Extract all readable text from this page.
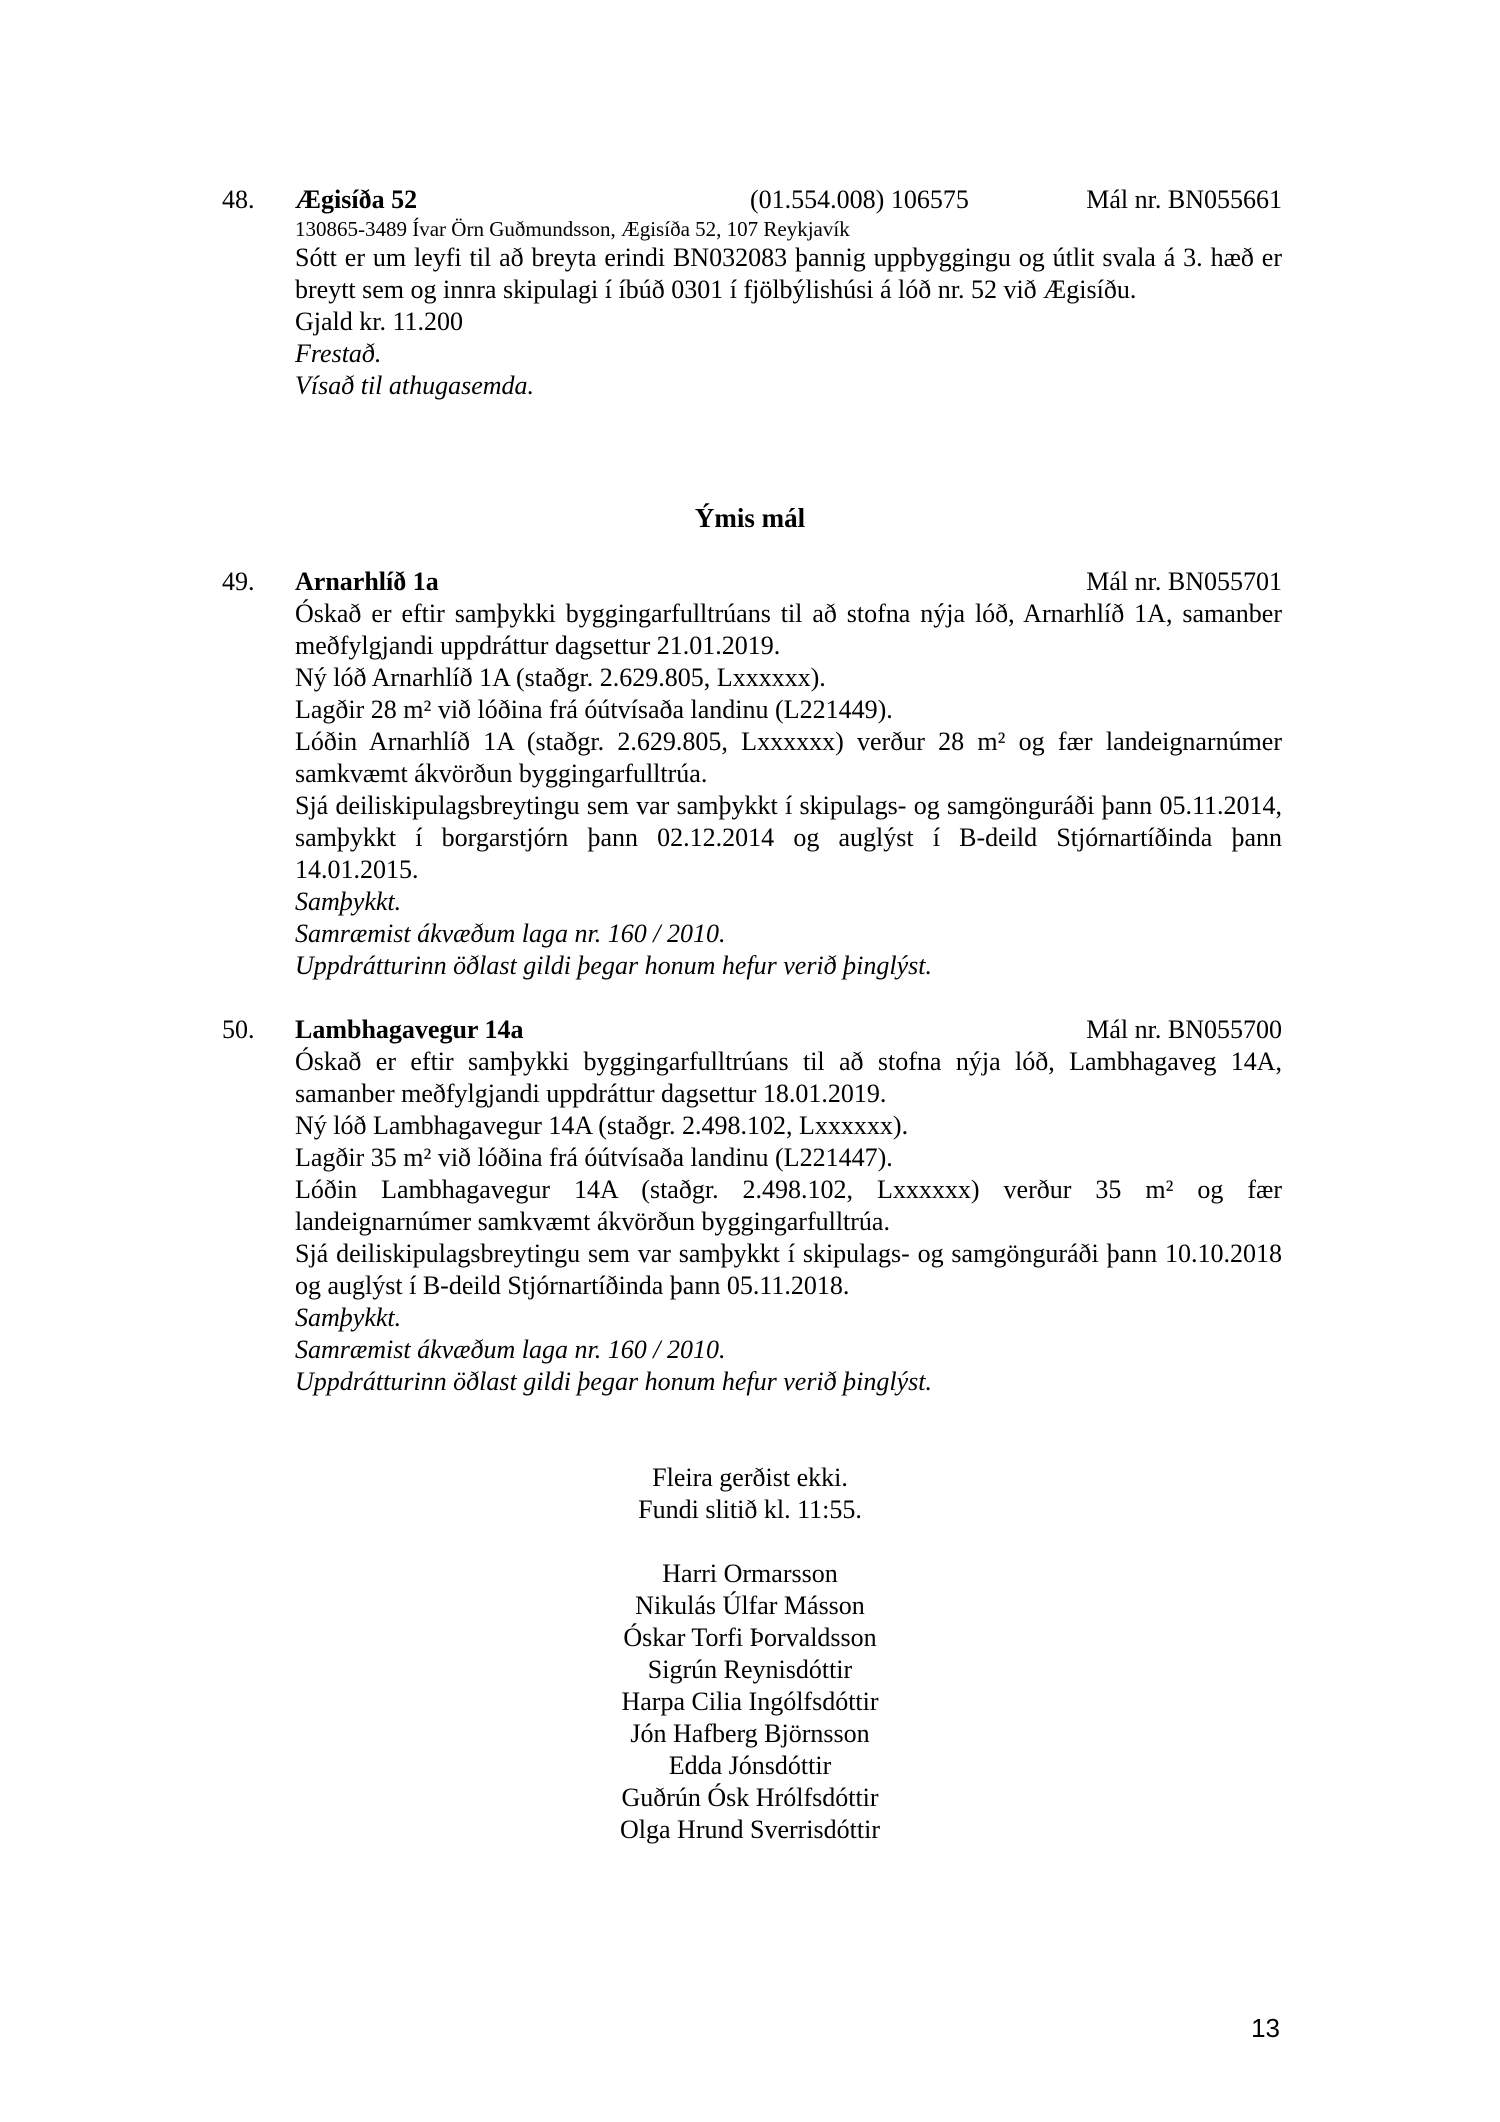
48. Ægisíða 52	(01.554.008) 106575	Mál nr. BN055661
130865-3489 Ívar Örn Guðmundsson, Ægisíða 52, 107 Reykjavík
Sótt er um leyfi til að breyta erindi BN032083 þannig uppbyggingu og útlit svala á 3. hæð er breytt sem og innra skipulagi í íbúð 0301 í fjölbýlishúsi á lóð nr. 52 við Ægisíðu.
Gjald kr. 11.200
Frestað.
Vísað til athugasemda.
Ýmis mál
49. Arnarhlíð 1a	Mál nr. BN055701
Óskað er eftir samþykki byggingarfulltrúans til að stofna nýja lóð, Arnarhlíð 1A, samanber meðfylgjandi uppdráttur dagsettur 21.01.2019.
Ný lóð Arnarhlíð 1A (staðgr. 2.629.805, Lxxxxxx).
Lagðir 28 m² við lóðina frá óútvísaða landinu (L221449).
Lóðin Arnarhlíð 1A (staðgr. 2.629.805, Lxxxxxx) verður 28 m² og fær landeignarnúmer samkvæmt ákvörðun byggingarfulltrúa.
Sjá deiliskipulagsbreytingu sem var samþykkt í skipulags- og samgönguráði þann 05.11.2014, samþykkt í borgarstjórn þann 02.12.2014 og auglýst í B-deild Stjórnartíðinda þann 14.01.2015.
Samþykkt.
Samræmist ákvæðum laga nr. 160 / 2010.
Uppdrátturinn öðlast gildi þegar honum hefur verið þinglýst.
50. Lambhagavegur 14a	Mál nr. BN055700
Óskað er eftir samþykki byggingarfulltrúans til að stofna nýja lóð, Lambhagaveg 14A, samanber meðfylgjandi uppdráttur dagsettur 18.01.2019.
Ný lóð Lambhagavegur 14A (staðgr. 2.498.102, Lxxxxxx).
Lagðir 35 m² við lóðina frá óútvísaða landinu (L221447).
Lóðin Lambhagavegur 14A (staðgr. 2.498.102, Lxxxxxx) verður 35 m² og fær landeignarnúmer samkvæmt ákvörðun byggingarfulltrúa.
Sjá deiliskipulagsbreytingu sem var samþykkt í skipulags- og samgönguráði þann 10.10.2018 og auglýst í B-deild Stjórnartíðinda þann 05.11.2018.
Samþykkt.
Samræmist ákvæðum laga nr. 160 / 2010.
Uppdrátturinn öðlast gildi þegar honum hefur verið þinglýst.
Fleira gerðist ekki.
Fundi slitið kl. 11:55.
Harri Ormarsson
Nikulás Úlfar Másson
Óskar Torfi Þorvaldsson
Sigrún Reynisdóttir
Harpa Cilia Ingólfsdóttir
Jón Hafberg Björnsson
Edda Jónsdóttir
Guðrún Ósk Hrólfsdóttir
Olga Hrund Sverrisdóttir
13
